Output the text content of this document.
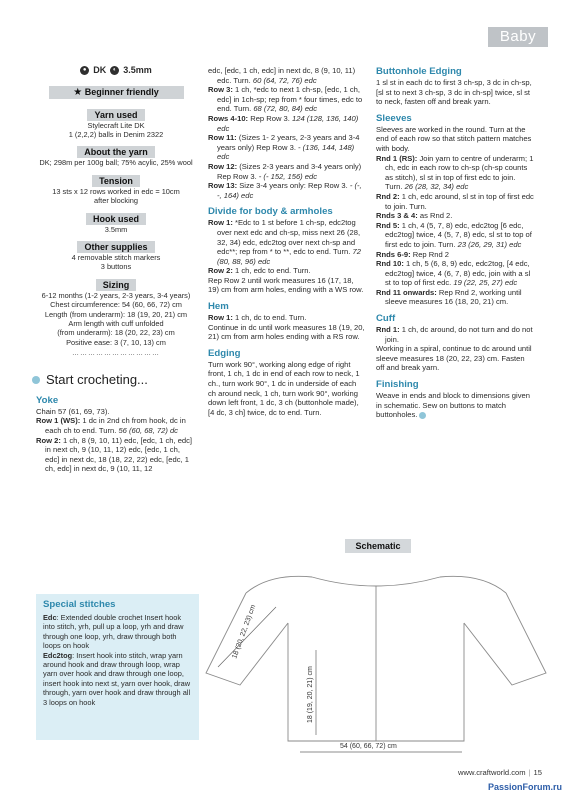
Baby
● DK	◐ 3.5mm
★ Beginner friendly
Yarn used
Stylecraft Lite DK
1 (2,2,2) balls in Denim 2322
About the yarn
DK; 298m per 100g ball; 75% acylic, 25% wool
Tension
13 sts x 12 rows worked in edc = 10cm
after blocking
Hook used
3.5mm
Other supplies
4 removable stitch markers
3 buttons
Sizing
6-12 months (1-2 years, 2-3 years, 3-4 years)
Chest circumference: 54 (60, 66, 72) cm
Length (from underarm): 18 (19, 20, 21) cm
Arm length with cuff unfolded
(from underarm): 18 (20, 22, 23) cm
Positive ease: 3 (7, 10, 13) cm
……………………………
Start crocheting...
Yoke

Chain 57 (61, 69, 73).

Row 1 (WS): 1 dc in 2nd ch from hook, dc in each ch to end. Turn. 56 (60, 68, 72) dc

Row 2: 1 ch, 8 (9, 10, 11) edc, [edc, 1 ch, edc] in next ch, 9 (10, 11, 12) edc, [edc, 1 ch, edc] in next dc, 18 (18, 22, 22) edc, [edc, 1 ch, edc] in next dc, 9 (10, 11, 12

Special stitches

Edc: Extended double crochet Insert hook into stitch, yrh, pull up a loop, yrh and draw through one loop, yrh, draw through both loops on hook

Edc2tog: Insert hook into stitch, wrap yarn around hook and draw through loop, wrap yarn over hook and draw through one loop, insert hook into next st, yarn over hook, draw through, yarn over hook and draw through all 3 loops on hook

edc, [edc, 1 ch, edc] in next dc, 8 (9, 10, 11) edc. Turn. 60 (64, 72, 76) edc

Row 3: 1 ch, *edc to next 1 ch-sp, [edc, 1 ch, edc] in 1ch-sp; rep from * four times, edc to end. Turn. 68 (72, 80, 84) edc

Rows 4-10: Rep Row 3. 124 (128, 136, 140) edc

Row 11: (Sizes 1- 2 years, 2-3 years and 3-4 years only) Rep Row 3. - (136, 144, 148) edc

Row 12: (Sizes 2-3 years and 3-4 years only) Rep Row 3. - (- 152, 156) edc

Row 13: Size 3-4 years only: Rep Row 3. - (-, -, 164) edc

Divide for body & armholes

Row 1: *Edc to 1 st before 1 ch-sp, edc2tog over next edc and ch-sp, miss next 26 (28, 32, 34) edc, edc2tog over next ch-sp and edc**; rep from * to **, edc to end. Turn. 72 (80, 88, 96) edc

Row 2: 1 ch, edc to end. Turn.

Rep Row 2 until work measures 16 (17, 18, 19) cm from arm holes, ending with a WS row.

Hem

Row 1: 1 ch, dc to end. Turn.

Continue in dc until work measures 18 (19, 20, 21) cm from arm holes ending with a RS row.

Edging

Turn work 90°, working along edge of right front, 1 ch, 1 dc in end of each row to neck, 1 ch., turn work 90°, 1 dc in underside of each ch around neck, 1 ch, turn work 90°, working down left front, 1 dc, 3 ch (buttonhole made), [4 dc, 3 ch] twice, dc to end. Turn.

Buttonhole Edging

1 sl st in each dc to first 3 ch-sp, 3 dc in ch-sp, [sl st to next 3 ch-sp, 3 dc in ch-sp] twice, sl st to neck, fasten off and break yarn.

Sleeves

Sleeves are worked in the round. Turn at the end of each row so that stitch pattern matches with body.

Rnd 1 (RS): Join yarn to centre of underarm; 1 ch, edc in each row to ch-sp (ch-sp counts as stitch), sl st in top of first edc to join. Turn. 26 (28, 32, 34) edc

Rnd 2: 1 ch, edc around, sl st in top of first edc to join. Turn.

Rnds 3 & 4: as Rnd 2.

Rnd 5: 1 ch, 4 (5, 7, 8) edc, edc2tog [6 edc, edc2tog] twice, 4 (5, 7, 8) edc, sl st to top of first edc to join. Turn. 23 (26, 29, 31) edc

Rnds 6-9: Rep Rnd 2

Rnd 10: 1 ch, 5 (6, 8, 9) edc, edc2tog, [4 edc, edc2tog] twice, 4 (6, 7, 8) edc, join with a sl st to top of first edc. 19 (22, 25, 27) edc

Rnd 11 onwards: Rep Rnd 2, working until sleeve measures 16 (18, 20, 21) cm.

Cuff

Rnd 1: 1 ch, dc around, do not turn and do not join.

Working in a spiral, continue to dc around until sleeve measures 18 (20, 22, 23) cm. Fasten off and break yarn.

Finishing

Weave in ends and block to dimensions given in schematic. Sew on buttons to match buttonholes.

Schematic
18 (20, 22, 23) cm
18 (19, 20, 21) cm
54 (60, 66, 72) cm
www.craftworld.com | 15
PassionForum.ru
